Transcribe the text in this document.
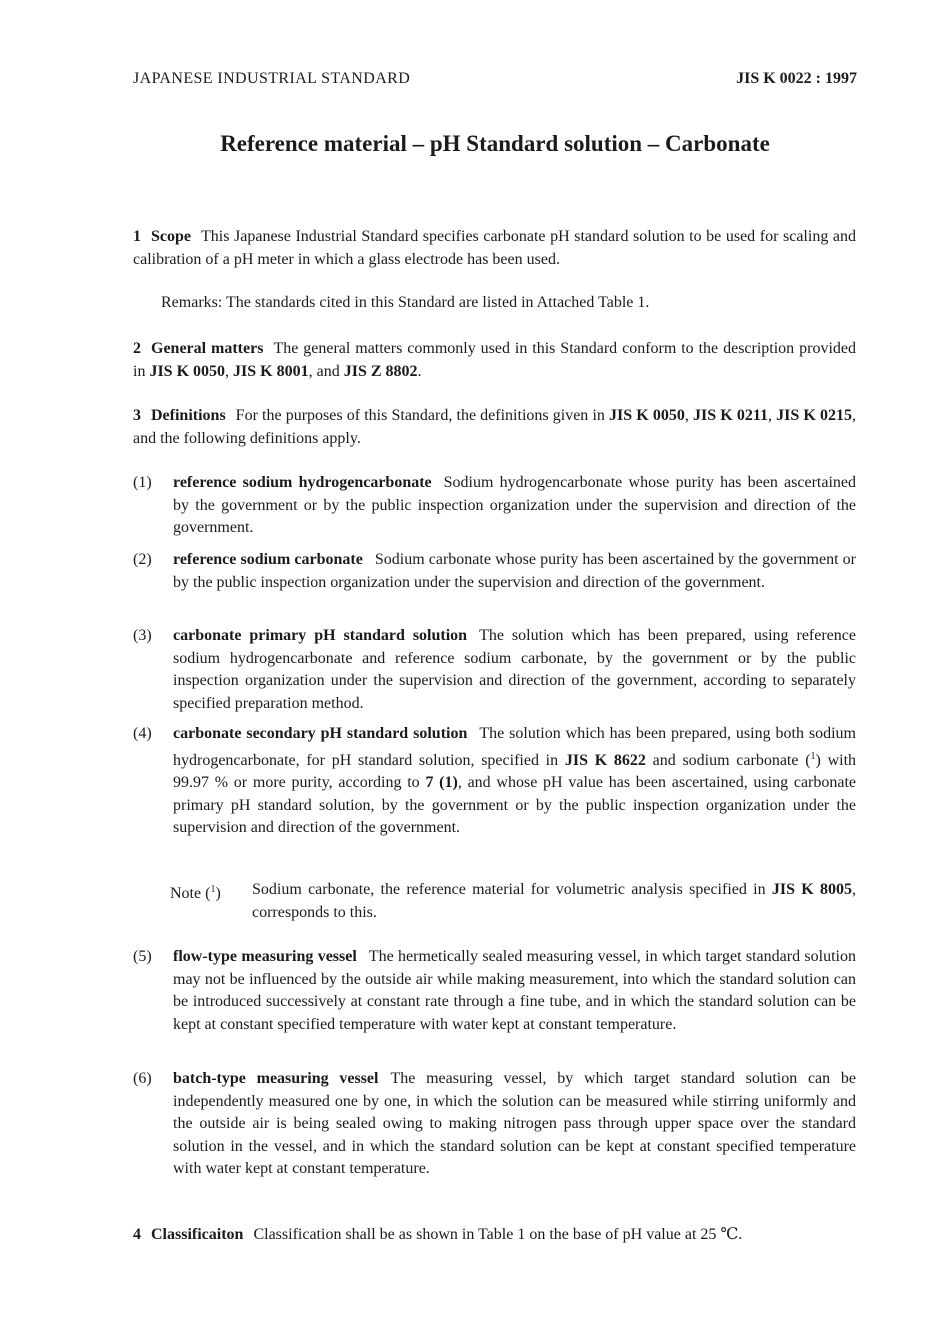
JAPANESE INDUSTRIAL STANDARD	JIS K 0022 : 1997
Reference material – pH Standard solution – Carbonate
1 Scope This Japanese Industrial Standard specifies carbonate pH standard solution to be used for scaling and calibration of a pH meter in which a glass electrode has been used.
Remarks: The standards cited in this Standard are listed in Attached Table 1.
2 General matters The general matters commonly used in this Standard conform to the description provided in JIS K 0050, JIS K 8001, and JIS Z 8802.
3 Definitions For the purposes of this Standard, the definitions given in JIS K 0050, JIS K 0211, JIS K 0215, and the following definitions apply.
(1) reference sodium hydrogencarbonate Sodium hydrogencarbonate whose purity has been ascertained by the government or by the public inspection organization under the supervision and direction of the government.
(2) reference sodium carbonate Sodium carbonate whose purity has been ascertained by the government or by the public inspection organization under the supervision and direction of the government.
(3) carbonate primary pH standard solution The solution which has been prepared, using reference sodium hydrogencarbonate and reference sodium carbonate, by the government or by the public inspection organization under the supervision and direction of the government, according to separately specified preparation method.
(4) carbonate secondary pH standard solution The solution which has been prepared, using both sodium hydrogencarbonate, for pH standard solution, specified in JIS K 8622 and sodium carbonate ($^1$) with 99.97 % or more purity, according to 7 (1), and whose pH value has been ascertained, using carbonate primary pH standard solution, by the government or by the public inspection organization under the supervision and direction of the government.
Note ($^1$) Sodium carbonate, the reference material for volumetric analysis specified in JIS K 8005, corresponds to this.
(5) flow-type measuring vessel The hermetically sealed measuring vessel, in which target standard solution may not be influenced by the outside air while making measurement, into which the standard solution can be introduced successively at constant rate through a fine tube, and in which the standard solution can be kept at constant specified temperature with water kept at constant temperature.
(6) batch-type measuring vessel The measuring vessel, by which target standard solution can be independently measured one by one, in which the solution can be measured while stirring uniformly and the outside air is being sealed owing to making nitrogen pass through upper space over the standard solution in the vessel, and in which the standard solution can be kept at constant specified temperature with water kept at constant temperature.
4 Classificaiton Classification shall be as shown in Table 1 on the base of pH value at 25 ℃.
